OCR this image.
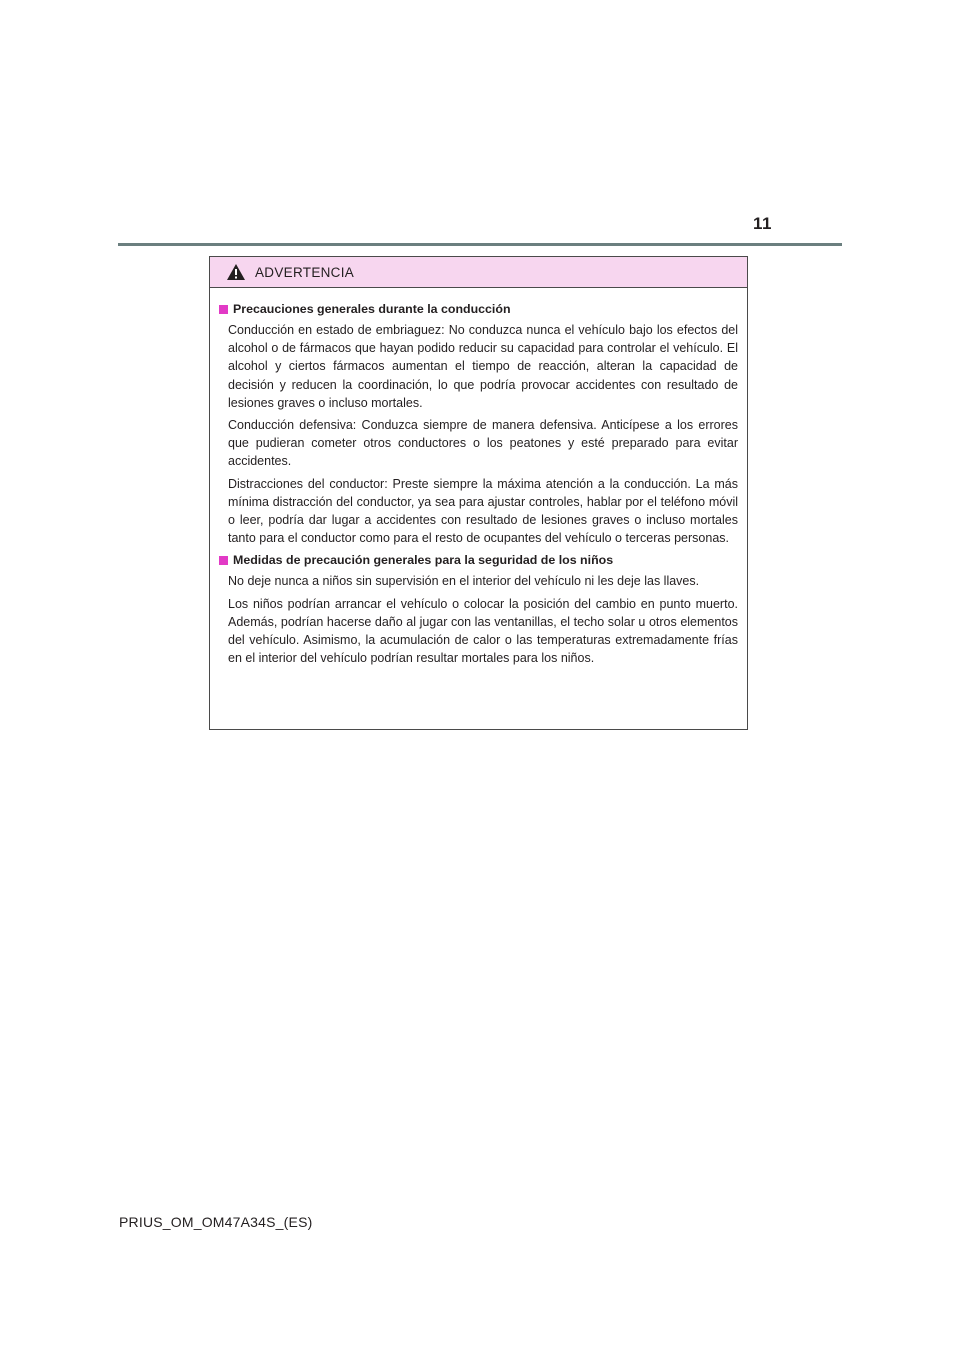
11
ADVERTENCIA
Precauciones generales durante la conducción

Conducción en estado de embriaguez: No conduzca nunca el vehículo bajo los efectos del alcohol o de fármacos que hayan podido reducir su capacidad para controlar el vehículo. El alcohol y ciertos fármacos aumentan el tiempo de reacción, alteran la capacidad de decisión y reducen la coordinación, lo que podría provocar accidentes con resultado de lesiones graves o incluso mortales.

Conducción defensiva: Conduzca siempre de manera defensiva. Anticípese a los errores que pudieran cometer otros conductores o los peatones y esté preparado para evitar accidentes.

Distracciones del conductor: Preste siempre la máxima atención a la conducción. La más mínima distracción del conductor, ya sea para ajustar controles, hablar por el teléfono móvil o leer, podría dar lugar a accidentes con resultado de lesiones graves o incluso mortales tanto para el conductor como para el resto de ocupantes del vehículo o terceras personas.

Medidas de precaución generales para la seguridad de los niños

No deje nunca a niños sin supervisión en el interior del vehículo ni les deje las llaves.

Los niños podrían arrancar el vehículo o colocar la posición del cambio en punto muerto. Además, podrían hacerse daño al jugar con las ventanillas, el techo solar u otros elementos del vehículo. Asimismo, la acumulación de calor o las temperaturas extremadamente frías en el interior del vehículo podrían resultar mortales para los niños.

PRIUS_OM_OM47A34S_(ES)
